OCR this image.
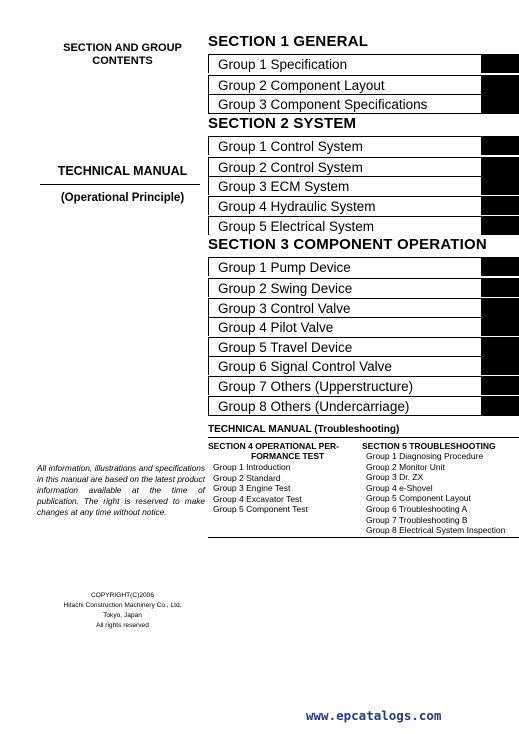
SECTION AND GROUP
CONTENTS
TECHNICAL MANUAL
(Operational Principle)
All information, illustrations and specifications in this manual are based on the latest product information available at the time of publication. The right is reserved to make changes at any time without notice.
COPYRIGHT(C)2006
Hitachi Construction Machinery Co., Ltd.
Tokyo, Japan
All rights reserved
SECTION 1 GENERAL
Group 1 Specification
Group 2 Component Layout
Group 3 Component Specifications
SECTION 2 SYSTEM
Group 1 Control System
Group 2 Control System
Group 3 ECM System
Group 4 Hydraulic System
Group 5 Electrical System
SECTION 3 COMPONENT OPERATION
Group 1 Pump Device
Group 2 Swing Device
Group 3 Control Valve
Group 4 Pilot Valve
Group 5 Travel Device
Group 6 Signal Control Valve
Group 7 Others (Upperstructure)
Group 8 Others (Undercarriage)
TECHNICAL MANUAL (Troubleshooting)
SECTION 4 OPERATIONAL PER-
FORMANCE TEST
Group 1 Introduction
Group 2 Standard
Group 3 Engine Test
Group 4 Excavator Test
Group 5 Component Test
SECTION 5 TROUBLESHOOTING
Group 1 Diagnosing Procedure
Group 2 Monitor Unit
Group 3 Dr. ZX
Group 4 e-Shovel
Group 5 Component Layout
Group 6 Troubleshooting A
Group 7 Troubleshooting B
Group 8 Electrical System Inspection
www.epcatalogs.com
